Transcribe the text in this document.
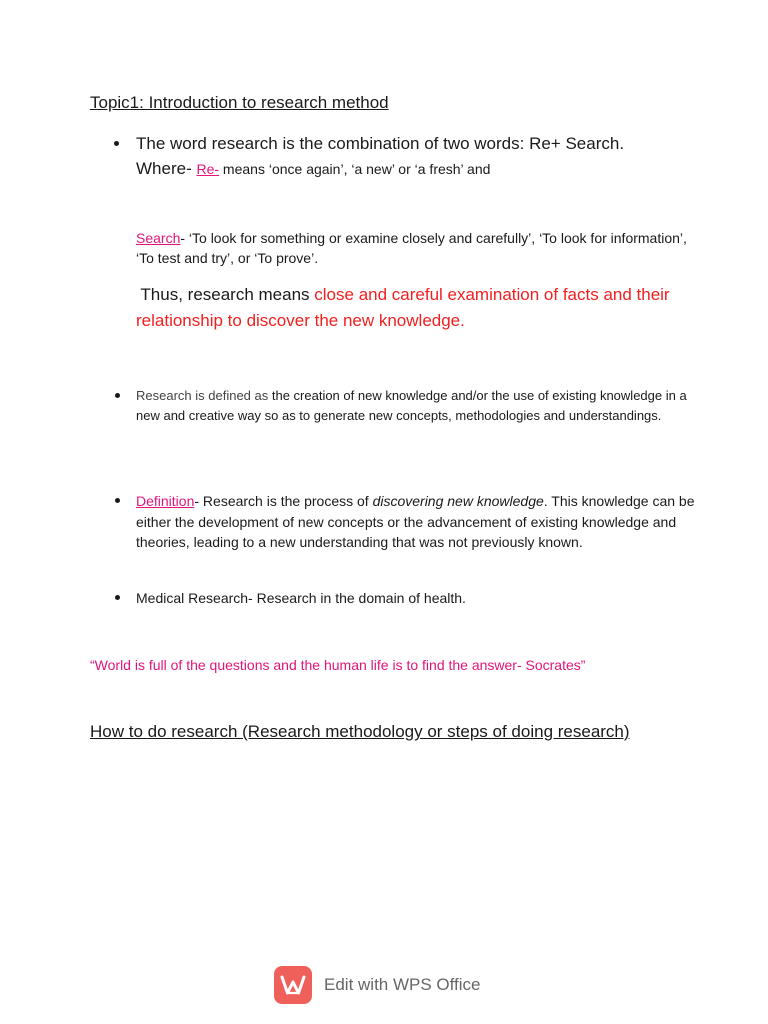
Topic1: Introduction to research method

The word research is the combination of two words: Re+ Search.
Where- Re- means ‘once again’, ‘a new’ or ‘a fresh’ and
Search- ‘To look for something or examine closely and carefully’, ‘To look for information’, ‘To test and try’, or ‘To prove’.
Thus, research means close and careful examination of facts and their relationship to discover the new knowledge.
Research is defined as the creation of new knowledge and/or the use of existing knowledge in a new and creative way so as to generate new concepts, methodologies and understandings.
Definition- Research is the process of discovering new knowledge. This knowledge can be either the development of new concepts or the advancement of existing knowledge and theories, leading to a new understanding that was not previously known.
Medical Research- Research in the domain of health.

“World is full of the questions and the human life is to find the answer- Socrates”

How to do research (Research methodology or steps of doing research)

Edit with WPS Office
